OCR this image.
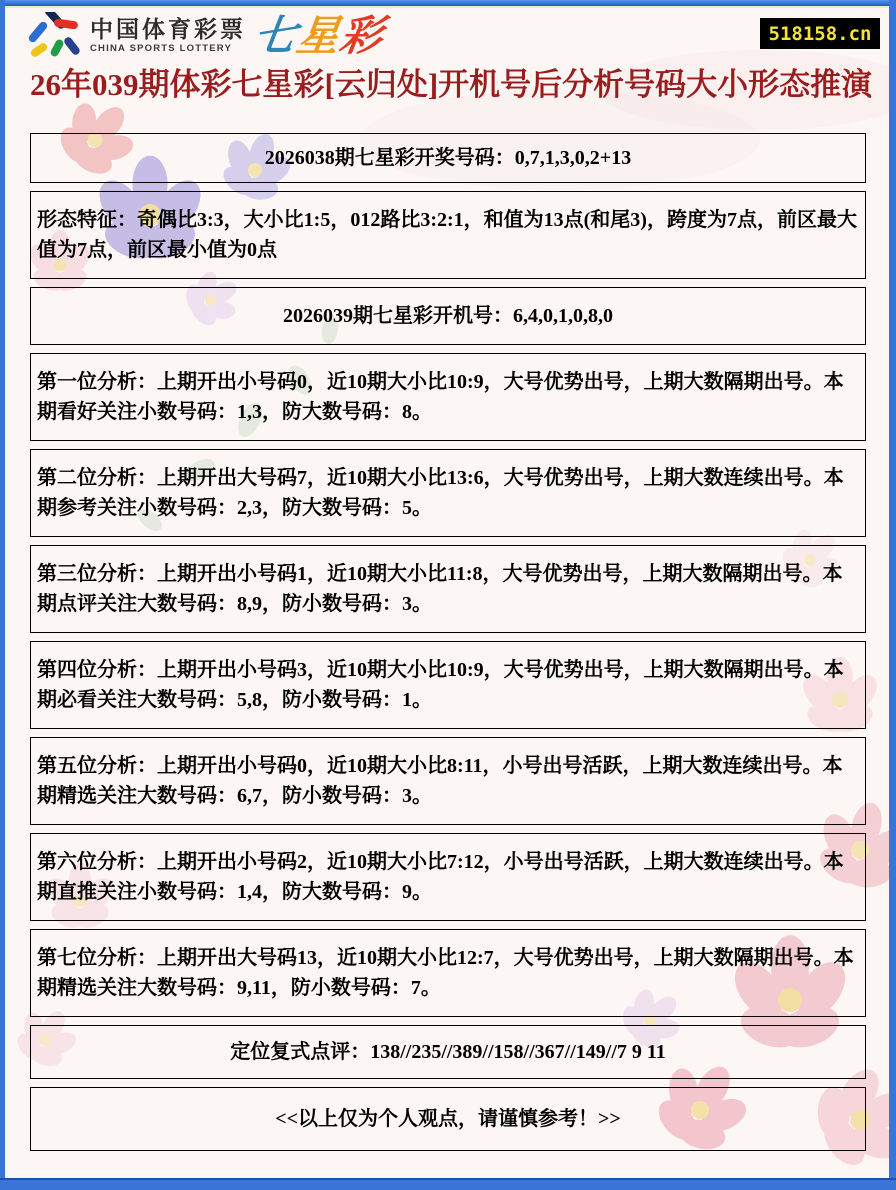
中国体育彩票
CHINA SPORTS LOTTERY 七星彩	518158.cn
26年039期体彩七星彩[云归处]开机号后分析号码大小形态推演
2026038期七星彩开奖号码：0,7,1,3,0,2+13
形态特征：奇偶比3:3，大小比1:5，012路比3:2:1，和值为13点(和尾3)，跨度为7点，前区最大值为7点，前区最小值为0点
2026039期七星彩开机号：6,4,0,1,0,8,0
第一位分析：上期开出小号码0，近10期大小比10:9，大号优势出号，上期大数隔期出号。本期看好关注小数号码：1,3，防大数号码：8。
第二位分析：上期开出大号码7，近10期大小比13:6，大号优势出号，上期大数连续出号。本期参考关注小数号码：2,3，防大数号码：5。
第三位分析：上期开出小号码1，近10期大小比11:8，大号优势出号，上期大数隔期出号。本期点评关注大数号码：8,9，防小数号码：3。
第四位分析：上期开出小号码3，近10期大小比10:9，大号优势出号，上期大数隔期出号。本期必看关注大数号码：5,8，防小数号码：1。
第五位分析：上期开出小号码0，近10期大小比8:11，小号出号活跃，上期大数连续出号。本期精选关注大数号码：6,7，防小数号码：3。
第六位分析：上期开出小号码2，近10期大小比7:12，小号出号活跃，上期大数连续出号。本期直推关注小数号码：1,4，防大数号码：9。
第七位分析：上期开出大号码13，近10期大小比12:7，大号优势出号，上期大数隔期出号。本期精选关注大数号码：9,11，防小数号码：7。
定位复式点评：138//235//389//158//367//149//7 9 11
<<以上仅为个人观点，请谨慎参考！>>
